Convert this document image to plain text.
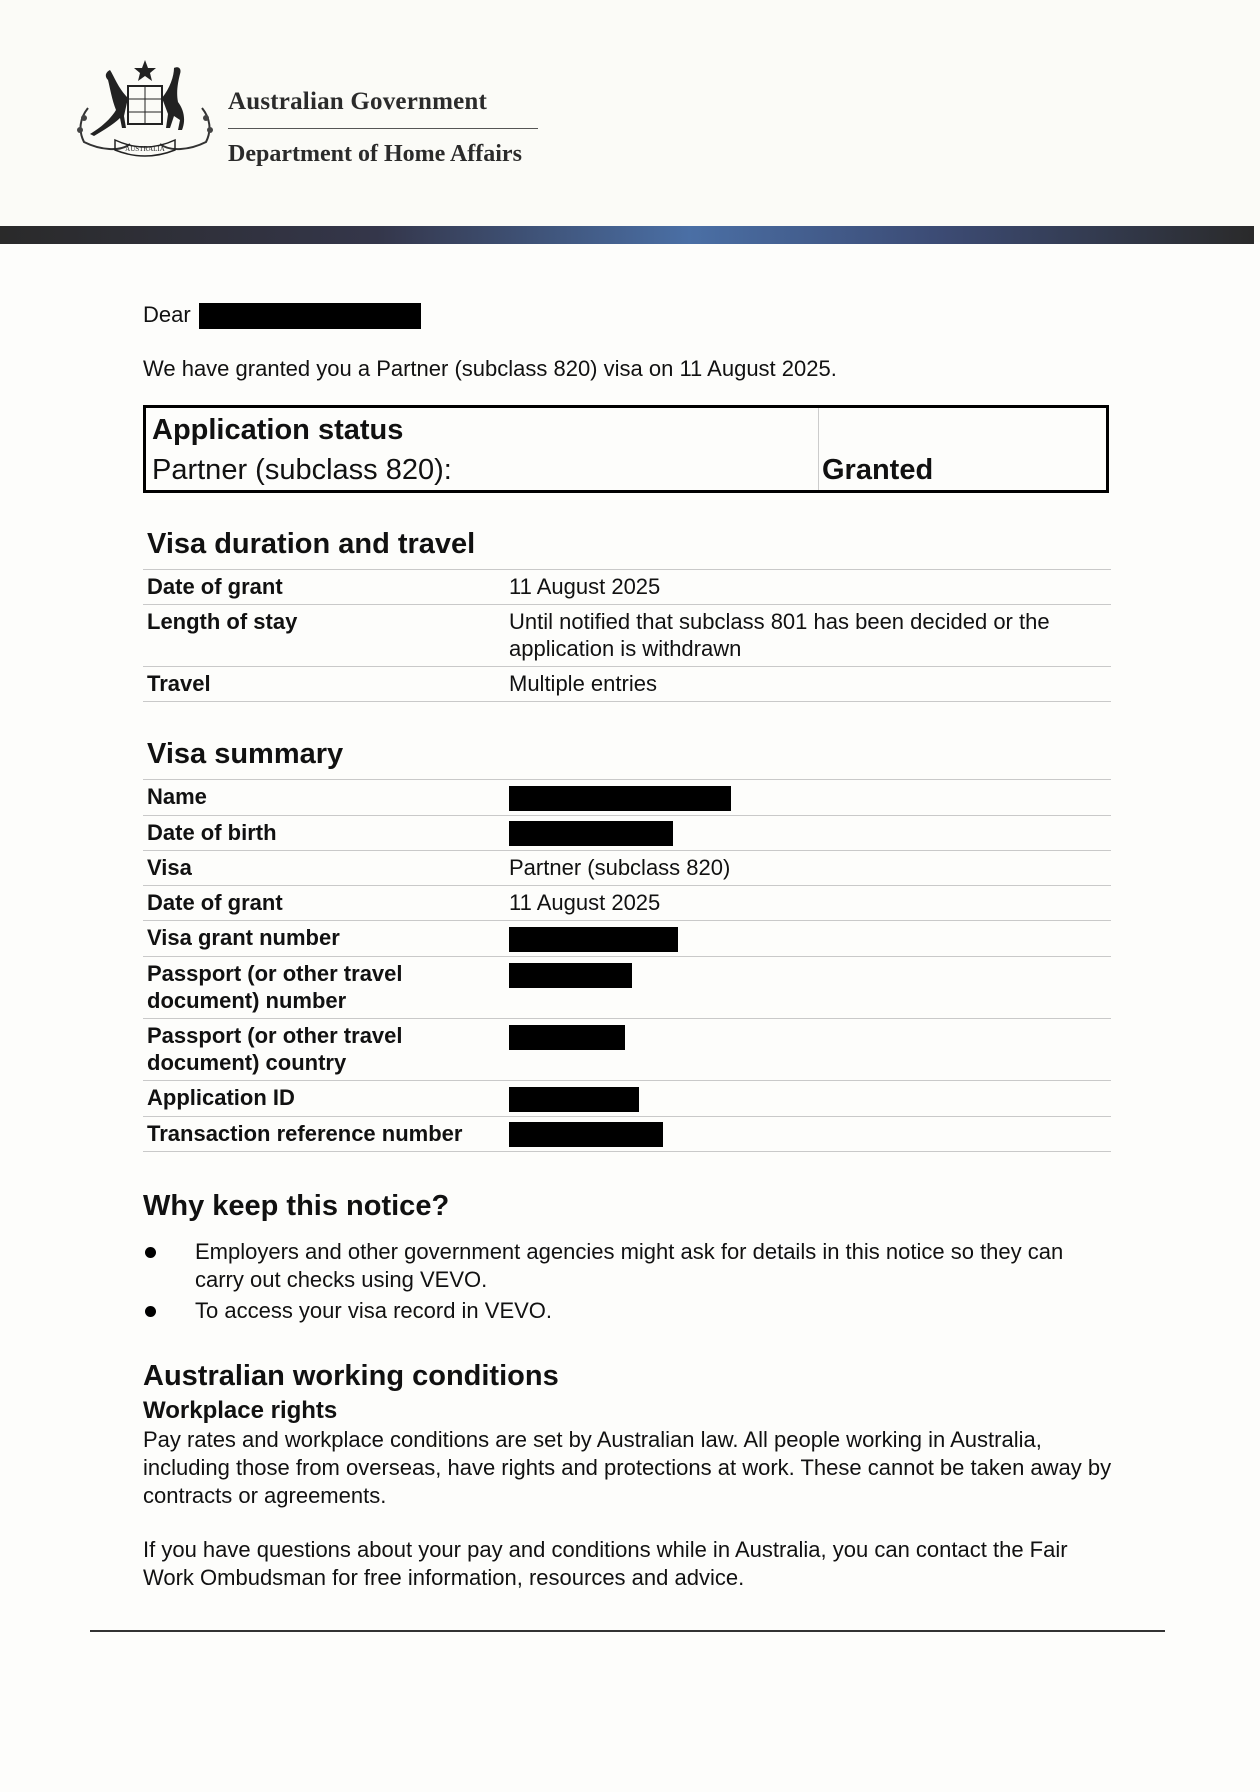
AUSTRALIA
Australian Government
Department of Home Affairs
Dear
We have granted you a Partner (subclass 820) visa on 11 August 2025.
Application status
Partner (subclass 820):	Granted
Visa duration and travel
Date of grant	11 August 2025
Length of stay	Until notified that subclass 801 has been decided or the application is withdrawn
Travel	Multiple entries
Visa summary
Name	
Date of birth	
Visa	Partner (subclass 820)
Date of grant	11 August 2025
Visa grant number	
Passport (or other travel document) number	
Passport (or other travel document) country	
Application ID	
Transaction reference number	
Why keep this notice?
Employers and other government agencies might ask for details in this notice so they can carry out checks using VEVO.
To access your visa record in VEVO.
Australian working conditions
Workplace rights
Pay rates and workplace conditions are set by Australian law. All people working in Australia, including those from overseas, have rights and protections at work. These cannot be taken away by contracts or agreements.
If you have questions about your pay and conditions while in Australia, you can contact the Fair Work Ombudsman for free information, resources and advice.
